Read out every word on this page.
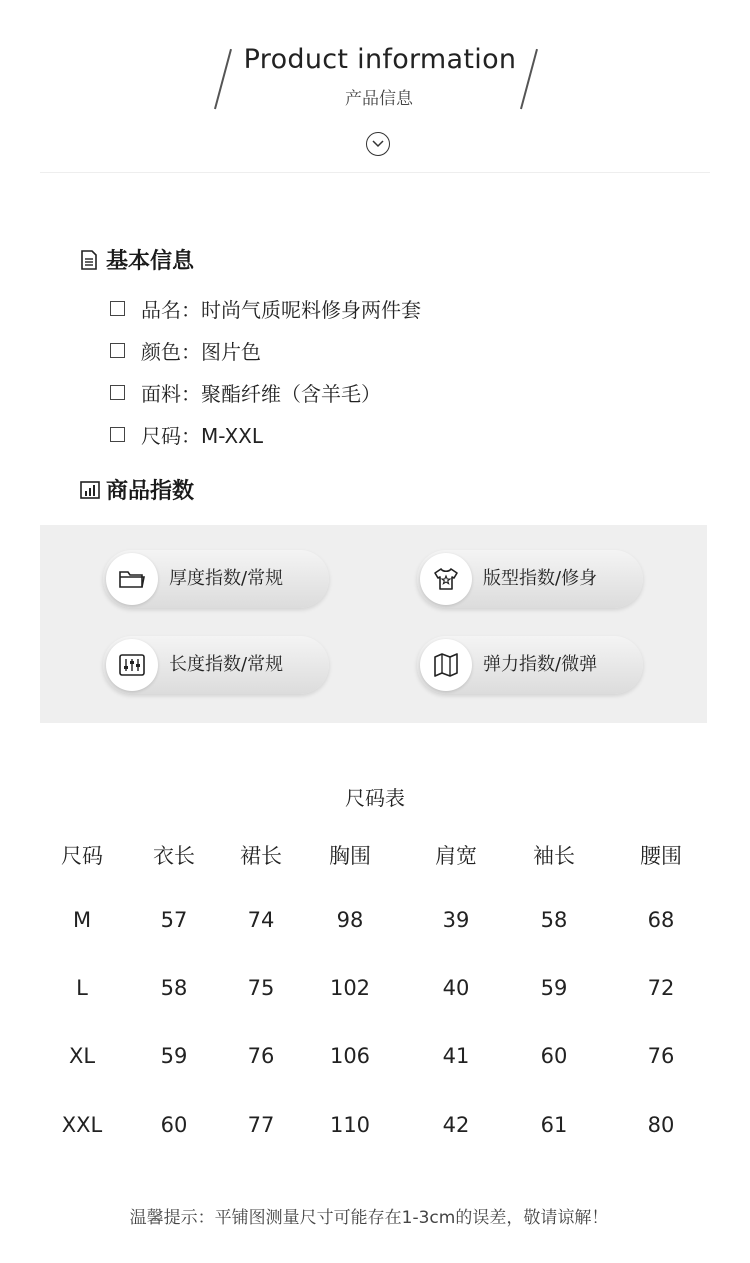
Product information
产品信息
基本信息
品名：时尚气质呢料修身两件套
颜色：图片色
面料：聚酯纤维（含羊毛）
尺码：M-XXL
商品指数
厚度指数/常规	版型指数/修身
长度指数/常规	弹力指数/微弹
尺码表
尺码	衣长	裙长	胸围	肩宽	袖长	腰围
M	57	74	98	39	58	68
L	58	75	102	40	59	72
XL	59	76	106	41	60	76
XXL	60	77	110	42	61	80
温馨提示：平铺图测量尺寸可能存在1-3cm的误差，敬请谅解！
